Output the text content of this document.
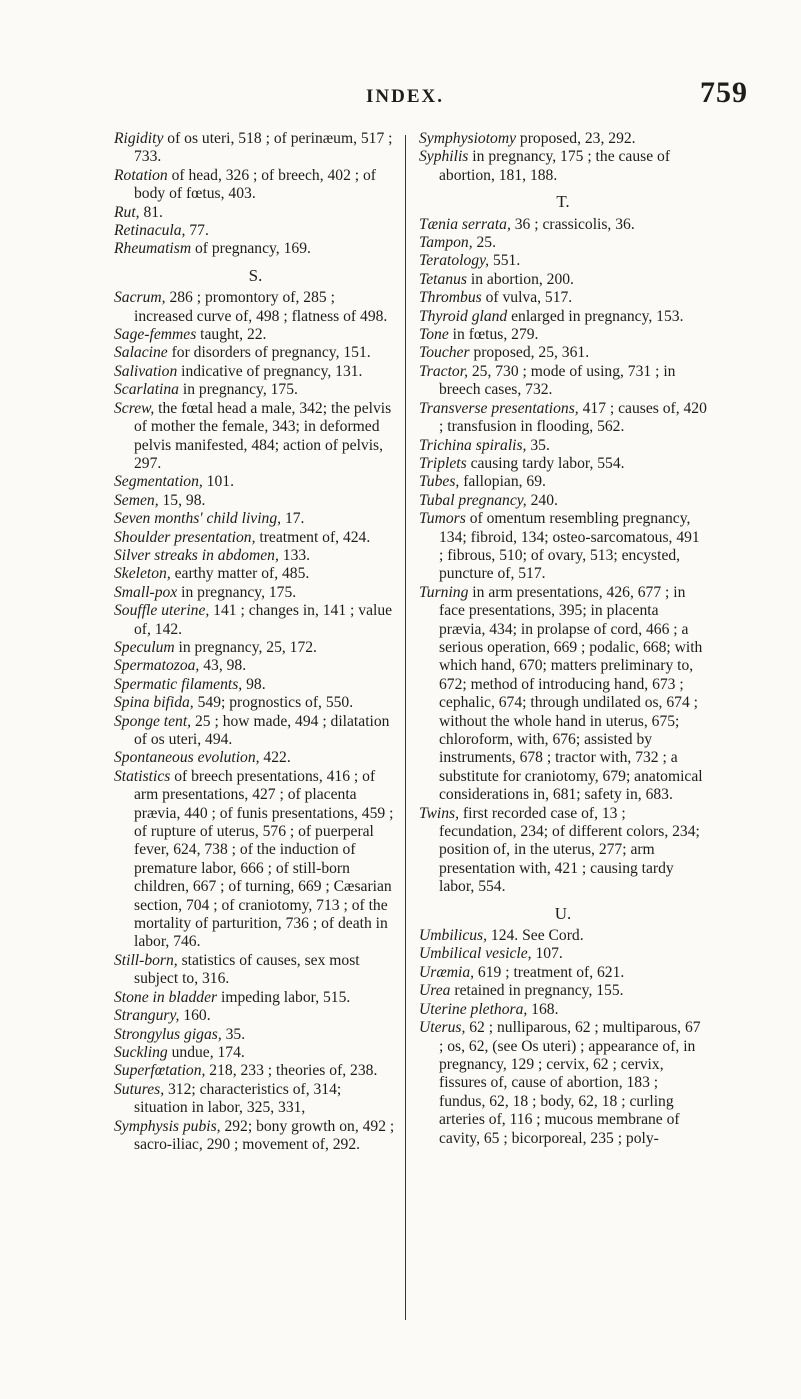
INDEX.	759

Rigidity of os uteri, 518 ; of perinæum, 517 ; 733.

Rotation of head, 326 ; of breech, 402 ; of body of fœtus, 403.

Rut, 81.

Retinacula, 77.

Rheumatism of pregnancy, 169.

S.

Sacrum, 286 ; promontory of, 285 ; increased curve of, 498 ; flatness of 498.

Sage-femmes taught, 22.

Salacine for disorders of pregnancy, 151.

Salivation indicative of pregnancy, 131.

Scarlatina in pregnancy, 175.

Screw, the fœtal head a male, 342; the pelvis of mother the female, 343; in deformed pelvis manifested, 484; action of pelvis, 297.

Segmentation, 101.

Semen, 15, 98.

Seven months' child living, 17.

Shoulder presentation, treatment of, 424.

Silver streaks in abdomen, 133.

Skeleton, earthy matter of, 485.

Small-pox in pregnancy, 175.

Souffle uterine, 141 ; changes in, 141 ; value of, 142.

Speculum in pregnancy, 25, 172.

Spermatozoa, 43, 98.

Spermatic filaments, 98.

Spina bifida, 549; prognostics of, 550.

Sponge tent, 25 ; how made, 494 ; dilatation of os uteri, 494.

Spontaneous evolution, 422.

Statistics of breech presentations, 416 ; of arm presentations, 427 ; of placenta prævia, 440 ; of funis presentations, 459 ; of rupture of uterus, 576 ; of puerperal fever, 624, 738 ; of the induction of premature labor, 666 ; of still-born children, 667 ; of turning, 669 ; Cæsarian section, 704 ; of craniotomy, 713 ; of the mortality of parturition, 736 ; of death in labor, 746.

Still-born, statistics of causes, sex most subject to, 316.

Stone in bladder impeding labor, 515.

Strangury, 160.

Strongylus gigas, 35.

Suckling undue, 174.

Superfœtation, 218, 233 ; theories of, 238.

Sutures, 312; characteristics of, 314; situation in labor, 325, 331,

Symphysis pubis, 292; bony growth on, 492 ; sacro-iliac, 290 ; movement of, 292.

Symphysiotomy proposed, 23, 292.

Syphilis in pregnancy, 175 ; the cause of abortion, 181, 188.

T.

Tænia serrata, 36 ; crassicolis, 36.

Tampon, 25.

Teratology, 551.

Tetanus in abortion, 200.

Thrombus of vulva, 517.

Thyroid gland enlarged in pregnancy, 153.

Tone in fœtus, 279.

Toucher proposed, 25, 361.

Tractor, 25, 730 ; mode of using, 731 ; in breech cases, 732.

Transverse presentations, 417 ; causes of, 420 ; transfusion in flooding, 562.

Trichina spiralis, 35.

Triplets causing tardy labor, 554.

Tubes, fallopian, 69.

Tubal pregnancy, 240.

Tumors of omentum resembling pregnancy, 134; fibroid, 134; osteo-sarcomatous, 491 ; fibrous, 510; of ovary, 513; encysted, puncture of, 517.

Turning in arm presentations, 426, 677 ; in face presentations, 395; in placenta prævia, 434; in prolapse of cord, 466 ; a serious operation, 669 ; podalic, 668; with which hand, 670; matters preliminary to, 672; method of introducing hand, 673 ; cephalic, 674; through undilated os, 674 ; without the whole hand in uterus, 675; chloroform, with, 676; assisted by instruments, 678 ; tractor with, 732 ; a substitute for craniotomy, 679; anatomical considerations in, 681; safety in, 683.

Twins, first recorded case of, 13 ; fecundation, 234; of different colors, 234; position of, in the uterus, 277; arm presentation with, 421 ; causing tardy labor, 554.

U.

Umbilicus, 124. See Cord.

Umbilical vesicle, 107.

Uræmia, 619 ; treatment of, 621.

Urea retained in pregnancy, 155.

Uterine plethora, 168.

Uterus, 62 ; nulliparous, 62 ; multiparous, 67 ; os, 62, (see Os uteri) ; appearance of, in pregnancy, 129 ; cervix, 62 ; cervix, fissures of, cause of abortion, 183 ; fundus, 62, 18 ; body, 62, 18 ; curling arteries of, 116 ; mucous membrane of cavity, 65 ; bicorporeal, 235 ; poly-
